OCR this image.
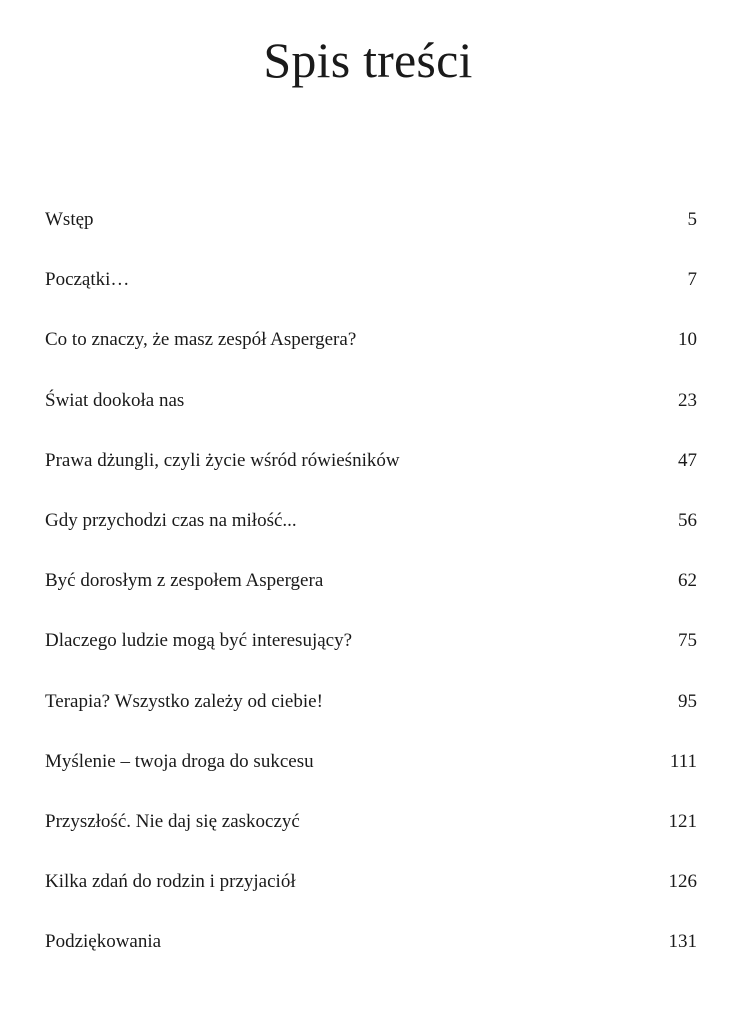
Spis treści
Wstęp	5
Początki…	7
Co to znaczy, że masz zespół Aspergera?	10
Świat dookoła nas	23
Prawa dżungli, czyli życie wśród rówieśników	47
Gdy przychodzi czas na miłość...	56
Być dorosłym z zespołem Aspergera	62
Dlaczego ludzie mogą być interesujący?	75
Terapia? Wszystko zależy od ciebie!	95
Myślenie – twoja droga do sukcesu	111
Przyszłość. Nie daj się zaskoczyć	121
Kilka zdań do rodzin i przyjaciół	126
Podziękowania	131
